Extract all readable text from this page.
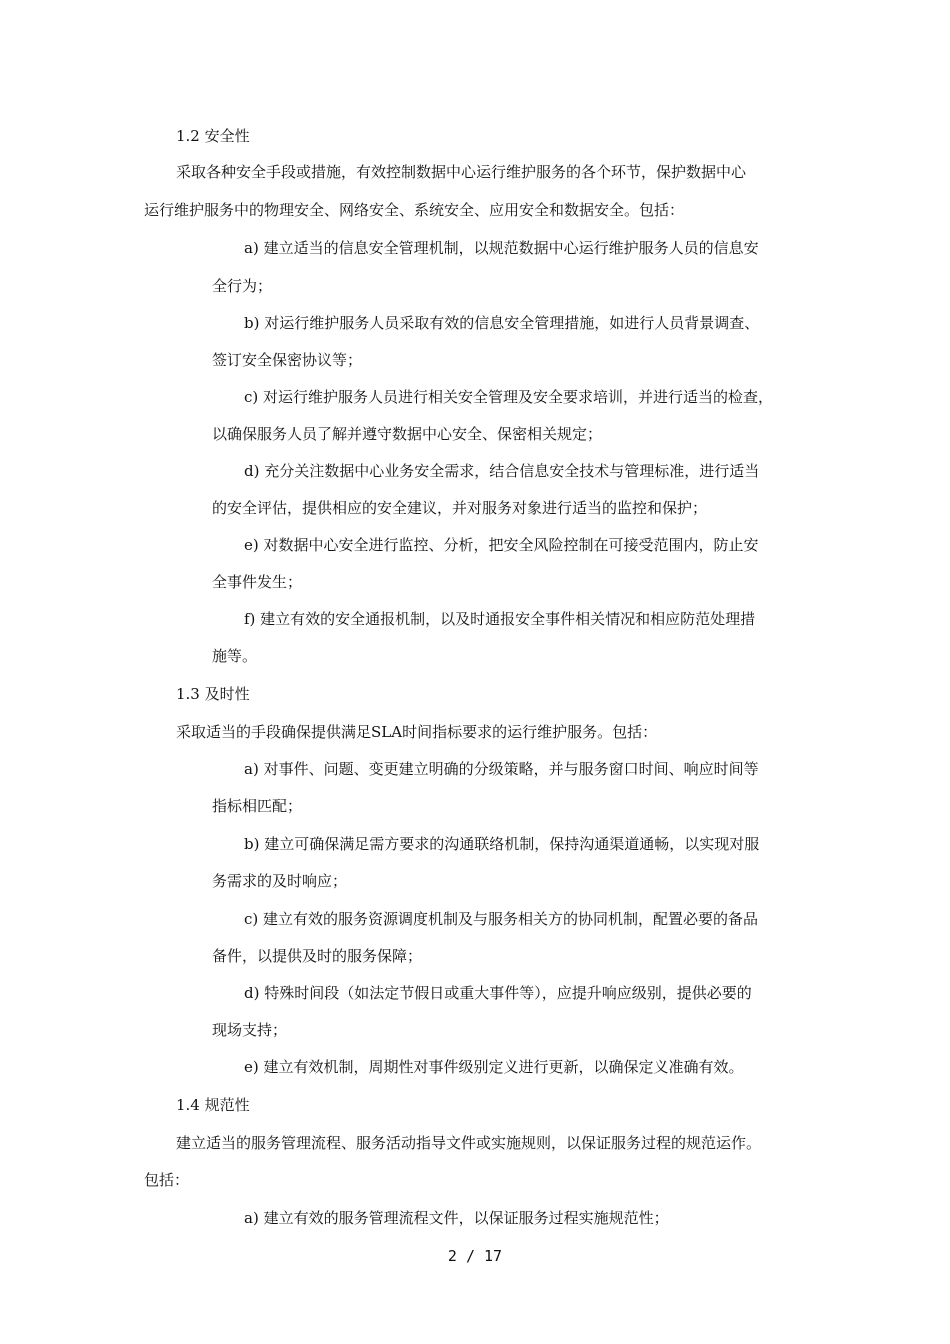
1.2 安全性
采取各种安全手段或措施，有效控制数据中心运行维护服务的各个环节，保护数据中心
运行维护服务中的物理安全、网络安全、系统安全、应用安全和数据安全。包括：
a) 建立适当的信息安全管理机制，以规范数据中心运行维护服务人员的信息安
全行为；
b) 对运行维护服务人员采取有效的信息安全管理措施，如进行人员背景调查、
签订安全保密协议等；
c) 对运行维护服务人员进行相关安全管理及安全要求培训，并进行适当的检查，
以确保服务人员了解并遵守数据中心安全、保密相关规定；
d) 充分关注数据中心业务安全需求，结合信息安全技术与管理标准，进行适当
的安全评估，提供相应的安全建议，并对服务对象进行适当的监控和保护；
e) 对数据中心安全进行监控、分析，把安全风险控制在可接受范围内，防止安
全事件发生；
f) 建立有效的安全通报机制，以及时通报安全事件相关情况和相应防范处理措
施等。
1.3 及时性
采取适当的手段确保提供满足SLA时间指标要求的运行维护服务。包括：
a) 对事件、问题、变更建立明确的分级策略，并与服务窗口时间、响应时间等
指标相匹配；
b) 建立可确保满足需方要求的沟通联络机制，保持沟通渠道通畅，以实现对服
务需求的及时响应；
c) 建立有效的服务资源调度机制及与服务相关方的协同机制，配置必要的备品
备件，以提供及时的服务保障；
d) 特殊时间段（如法定节假日或重大事件等），应提升响应级别，提供必要的
现场支持；
e) 建立有效机制，周期性对事件级别定义进行更新，以确保定义准确有效。
1.4 规范性
建立适当的服务管理流程、服务活动指导文件或实施规则，以保证服务过程的规范运作。
包括：
a) 建立有效的服务管理流程文件，以保证服务过程实施规范性；
2 / 17
